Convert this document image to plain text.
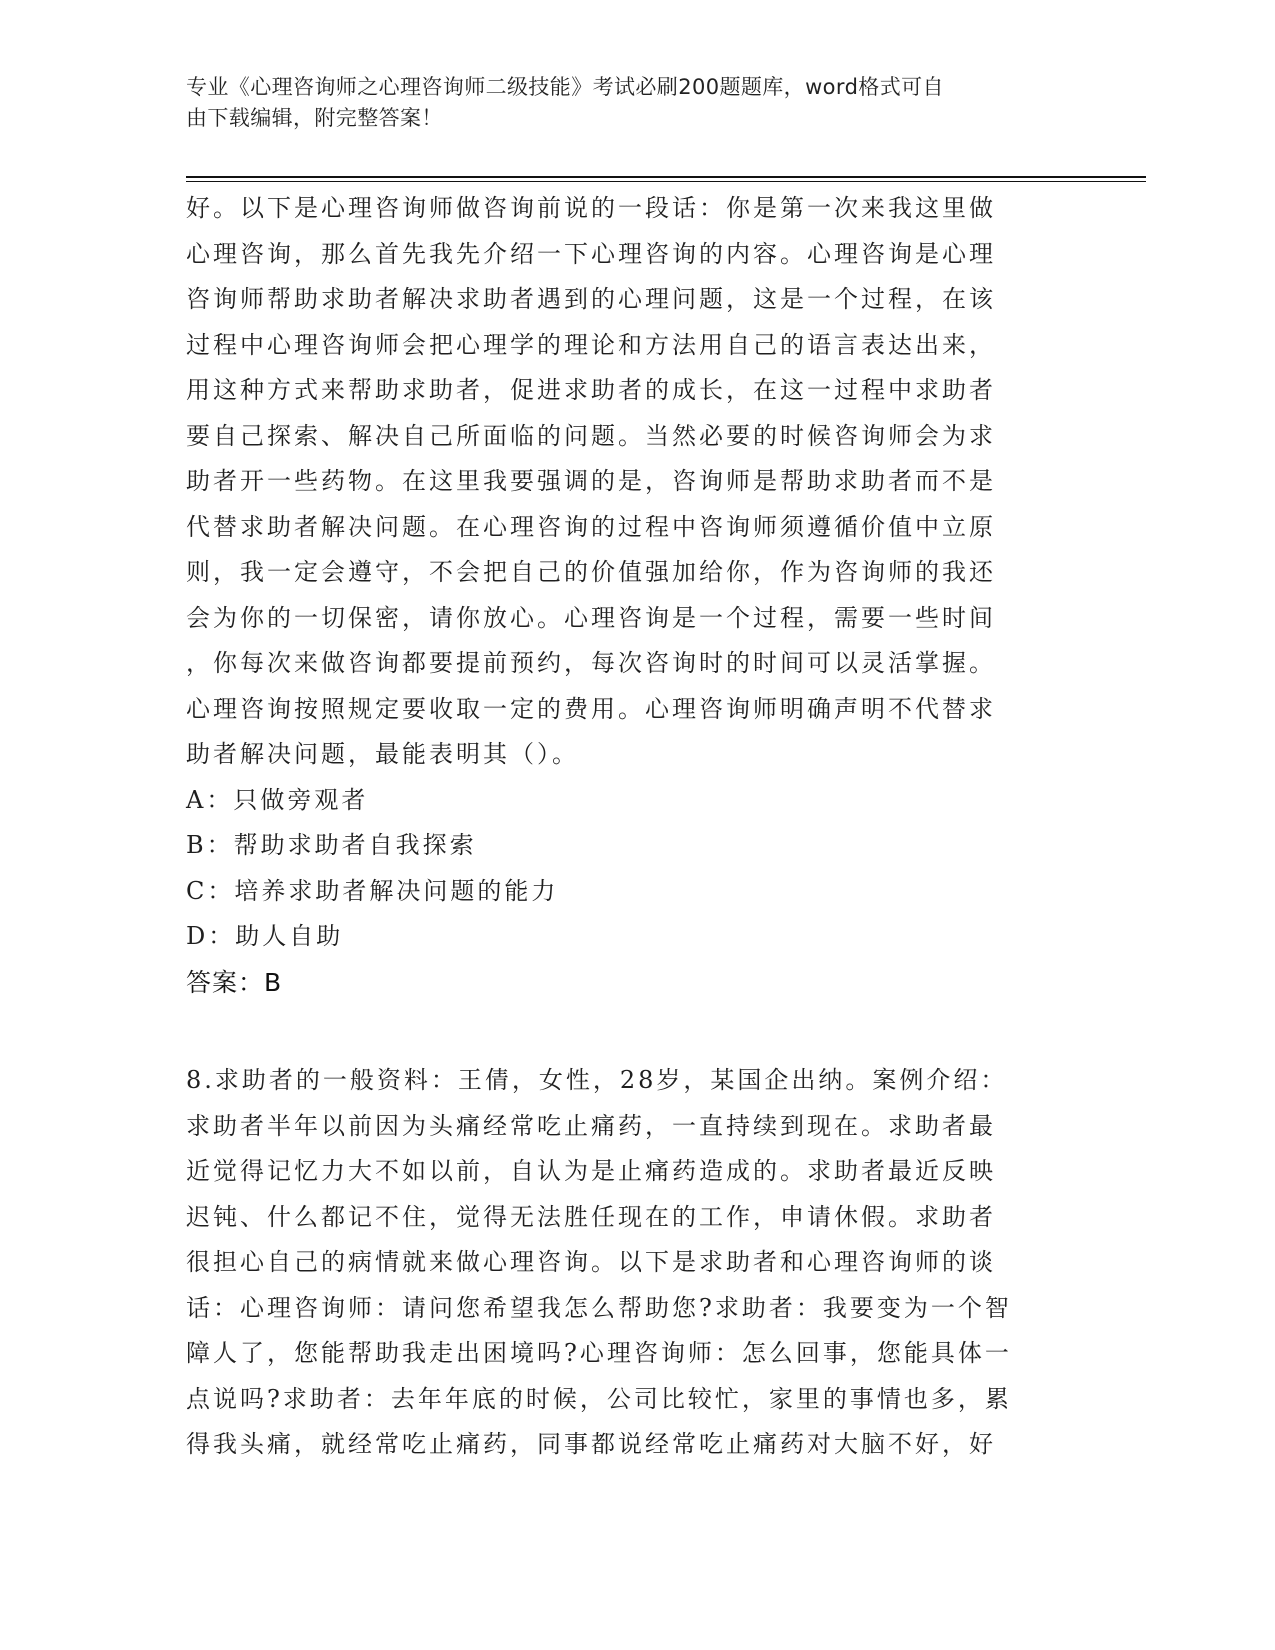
专业《心理咨询师之心理咨询师二级技能》考试必刷200题题库，word格式可自
由下载编辑，附完整答案！
好。以下是心理咨询师做咨询前说的一段话：你是第一次来我这里做
心理咨询，那么首先我先介绍一下心理咨询的内容。心理咨询是心理
咨询师帮助求助者解决求助者遇到的心理问题，这是一个过程，在该
过程中心理咨询师会把心理学的理论和方法用自己的语言表达出来，
用这种方式来帮助求助者，促进求助者的成长，在这一过程中求助者
要自己探索、解决自己所面临的问题。当然必要的时候咨询师会为求
助者开一些药物。在这里我要强调的是，咨询师是帮助求助者而不是
代替求助者解决问题。在心理咨询的过程中咨询师须遵循价值中立原
则，我一定会遵守，不会把自己的价值强加给你，作为咨询师的我还
会为你的一切保密，请你放心。心理咨询是一个过程，需要一些时间
，你每次来做咨询都要提前预约，每次咨询时的时间可以灵活掌握。
心理咨询按照规定要收取一定的费用。心理咨询师明确声明不代替求
助者解决问题，最能表明其（）。
A：只做旁观者
B：帮助求助者自我探索
C：培养求助者解决问题的能力
D：助人自助
答案：B
8.求助者的一般资料：王倩，女性，28岁，某国企出纳。案例介绍：
求助者半年以前因为头痛经常吃止痛药，一直持续到现在。求助者最
近觉得记忆力大不如以前，自认为是止痛药造成的。求助者最近反映
迟钝、什么都记不住，觉得无法胜任现在的工作，申请休假。求助者
很担心自己的病情就来做心理咨询。以下是求助者和心理咨询师的谈
话：心理咨询师：请问您希望我怎么帮助您?求助者：我要变为一个智
障人了，您能帮助我走出困境吗?心理咨询师：怎么回事，您能具体一
点说吗?求助者：去年年底的时候，公司比较忙，家里的事情也多，累
得我头痛，就经常吃止痛药，同事都说经常吃止痛药对大脑不好，好
